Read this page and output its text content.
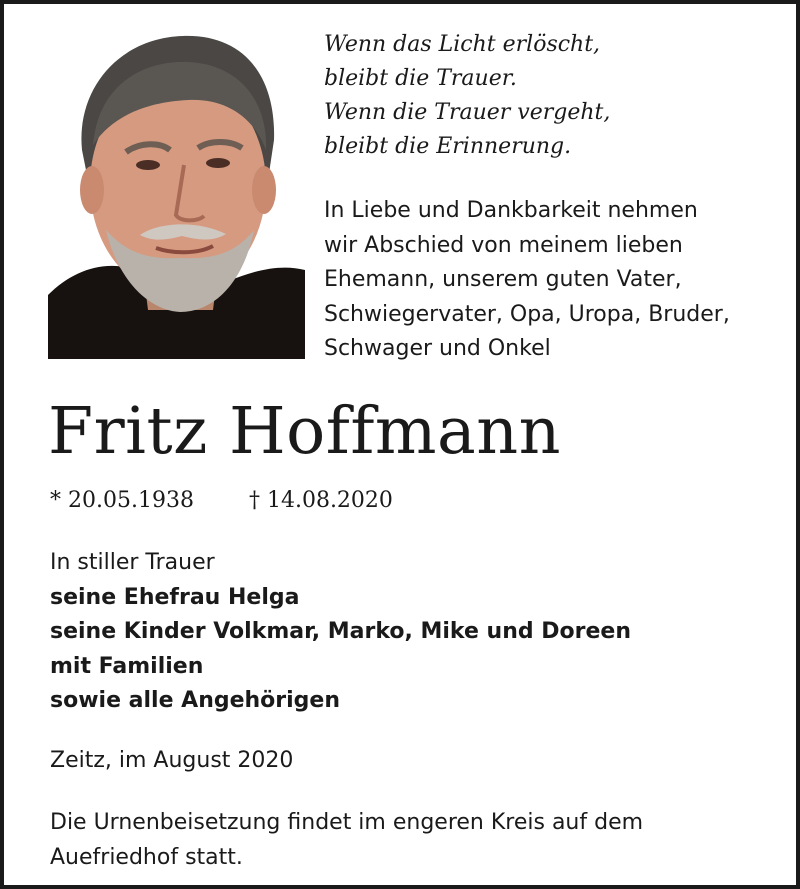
Wenn das Licht erlöscht,
bleibt die Trauer.
Wenn die Trauer vergeht,
bleibt die Erinnerung.
In Liebe und Dankbarkeit nehmen
wir Abschied von meinem lieben
Ehemann, unserem guten Vater,
Schwiegervater, Opa, Uropa, Bruder,
Schwager und Onkel
Fritz Hoffmann
* 20.05.1938	† 14.08.2020
In stiller Trauer
seine Ehefrau Helga
seine Kinder Volkmar, Marko, Mike und Doreen
mit Familien
sowie alle Angehörigen
Zeitz, im August 2020
Die Urnenbeisetzung findet im engeren Kreis auf dem
Auefriedhof statt.
